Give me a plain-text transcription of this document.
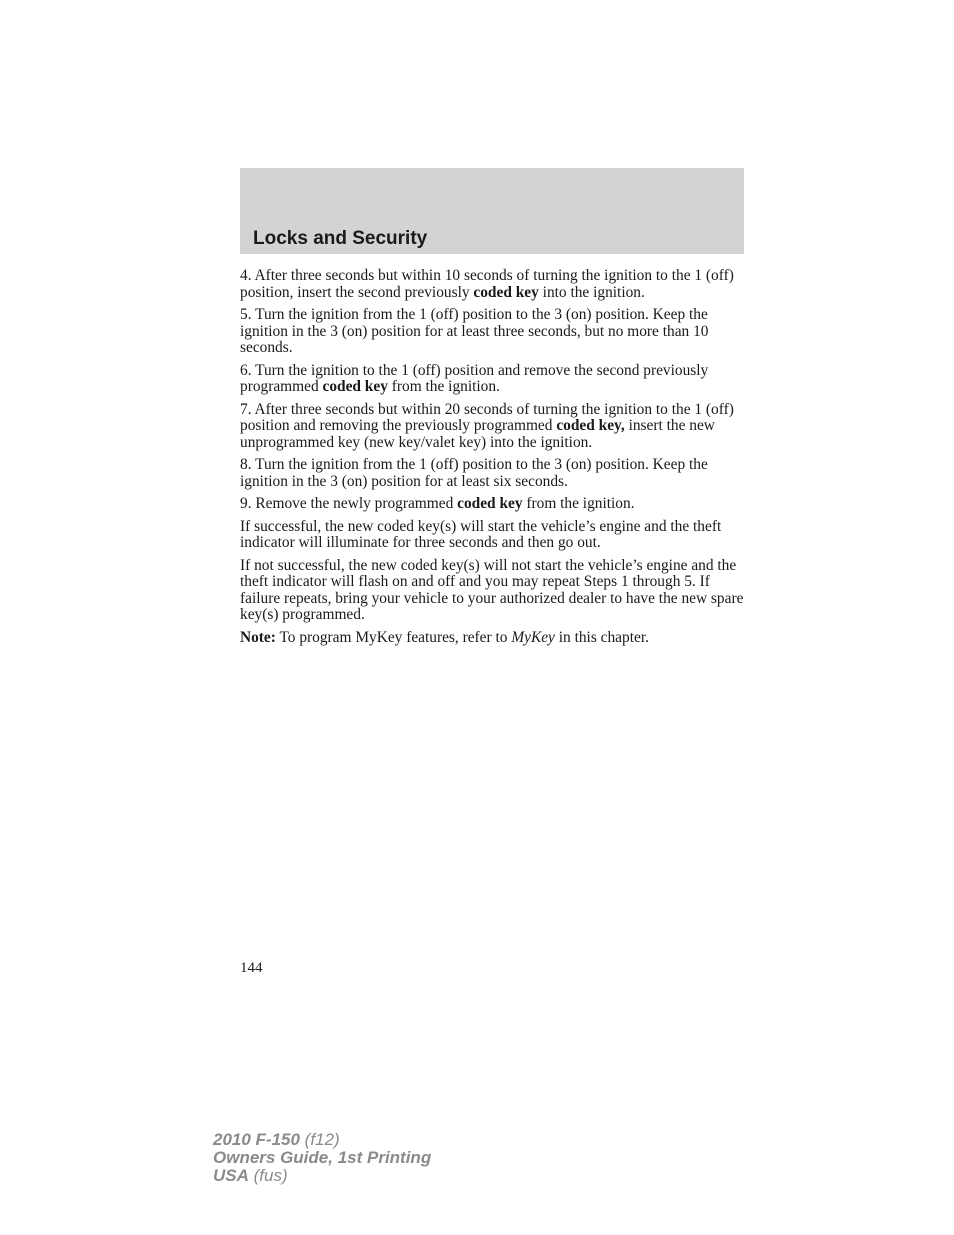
Locks and Security

4. After three seconds but within 10 seconds of turning the ignition to the 1 (off) position, insert the second previously coded key into the ignition.

5. Turn the ignition from the 1 (off) position to the 3 (on) position. Keep the ignition in the 3 (on) position for at least three seconds, but no more than 10 seconds.

6. Turn the ignition to the 1 (off) position and remove the second previously programmed coded key from the ignition.

7. After three seconds but within 20 seconds of turning the ignition to the 1 (off) position and removing the previously programmed coded key, insert the new unprogrammed key (new key/valet key) into the ignition.

8. Turn the ignition from the 1 (off) position to the 3 (on) position. Keep the ignition in the 3 (on) position for at least six seconds.

9. Remove the newly programmed coded key from the ignition.

If successful, the new coded key(s) will start the vehicle’s engine and the theft indicator will illuminate for three seconds and then go out.

If not successful, the new coded key(s) will not start the vehicle’s engine and the theft indicator will flash on and off and you may repeat Steps 1 through 5. If failure repeats, bring your vehicle to your authorized dealer to have the new spare key(s) programmed.

Note: To program MyKey features, refer to MyKey in this chapter.

144
2010 F-150 (f12)
Owners Guide, 1st Printing
USA (fus)
